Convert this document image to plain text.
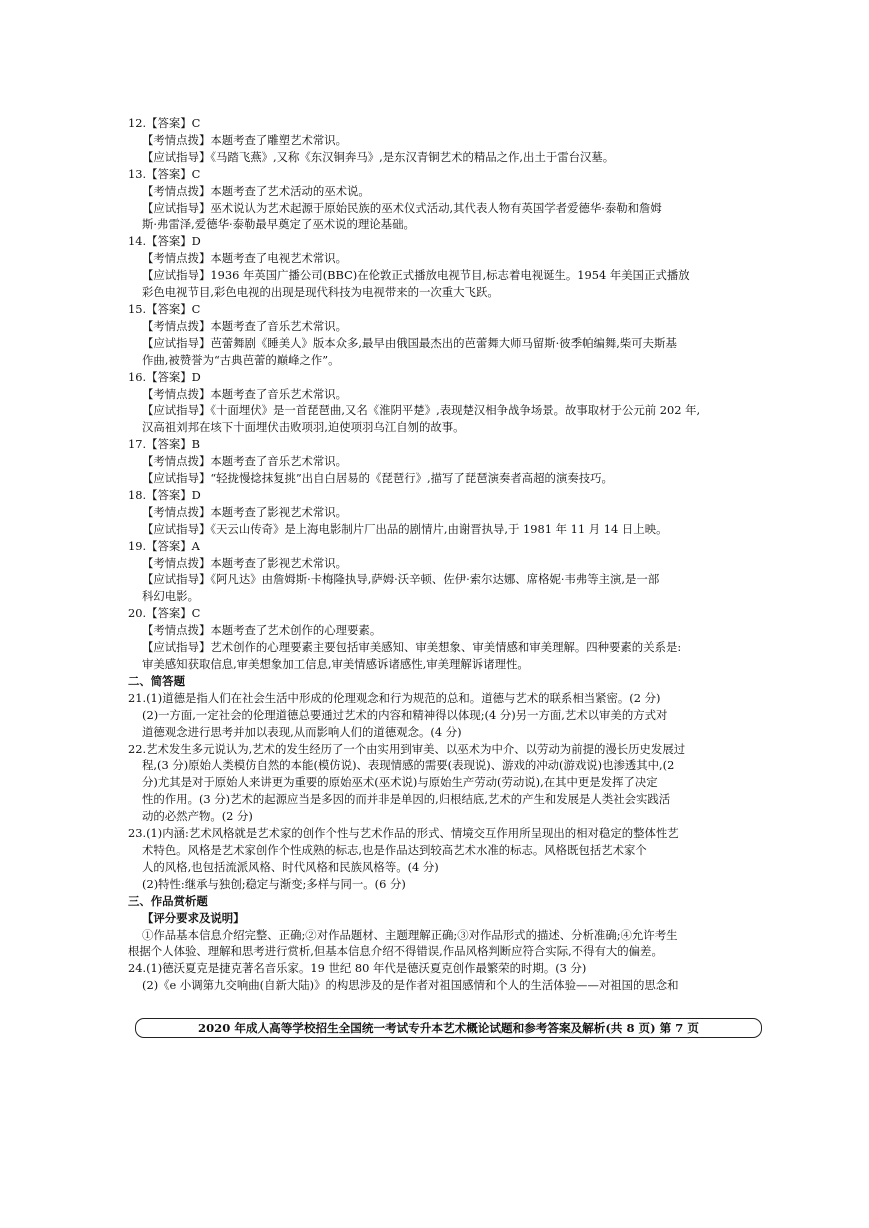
12.【答案】C
【考情点拨】本题考查了雕塑艺术常识。
【应试指导】《马踏飞燕》,又称《东汉铜奔马》,是东汉青铜艺术的精品之作,出土于雷台汉墓。
13.【答案】C
【考情点拨】本题考查了艺术活动的巫术说。
【应试指导】巫术说认为艺术起源于原始民族的巫术仪式活动,其代表人物有英国学者爱德华·泰勒和詹姆
斯·弗雷泽,爱德华·泰勒最早奠定了巫术说的理论基础。
14.【答案】D
【考情点拨】本题考查了电视艺术常识。
【应试指导】1936 年英国广播公司(BBC)在伦敦正式播放电视节目,标志着电视诞生。1954 年美国正式播放
彩色电视节目,彩色电视的出现是现代科技为电视带来的一次重大飞跃。
15.【答案】C
【考情点拨】本题考查了音乐艺术常识。
【应试指导】芭蕾舞剧《睡美人》版本众多,最早由俄国最杰出的芭蕾舞大师马留斯·彼季帕编舞,柴可夫斯基
作曲,被赞誉为“古典芭蕾的巅峰之作”。
16.【答案】D
【考情点拨】本题考查了音乐艺术常识。
【应试指导】《十面埋伏》是一首琵琶曲,又名《淮阴平楚》,表现楚汉相争战争场景。故事取材于公元前 202 年,
汉高祖刘邦在垓下十面埋伏击败项羽,迫使项羽乌江自刎的故事。
17.【答案】B
【考情点拨】本题考查了音乐艺术常识。
【应试指导】“轻拢慢捻抹复挑”出自白居易的《琵琶行》,描写了琵琶演奏者高超的演奏技巧。
18.【答案】D
【考情点拨】本题考查了影视艺术常识。
【应试指导】《天云山传奇》是上海电影制片厂出品的剧情片,由谢晋执导,于 1981 年 11 月 14 日上映。
19.【答案】A
【考情点拨】本题考查了影视艺术常识。
【应试指导】《阿凡达》由詹姆斯·卡梅隆执导,萨姆·沃辛顿、佐伊·索尔达娜、席格妮·韦弗等主演,是一部
科幻电影。
20.【答案】C
【考情点拨】本题考查了艺术创作的心理要素。
【应试指导】艺术创作的心理要素主要包括审美感知、审美想象、审美情感和审美理解。四种要素的关系是:
审美感知获取信息,审美想象加工信息,审美情感诉诸感性,审美理解诉诸理性。
二、简答题
21.(1)道德是指人们在社会生活中形成的伦理观念和行为规范的总和。道德与艺术的联系相当紧密。(2 分)
(2)一方面,一定社会的伦理道德总要通过艺术的内容和精神得以体现;(4 分)另一方面,艺术以审美的方式对
道德观念进行思考并加以表现,从而影响人们的道德观念。(4 分)
22.艺术发生多元说认为,艺术的发生经历了一个由实用到审美、以巫术为中介、以劳动为前提的漫长历史发展过
程,(3 分)原始人类模仿自然的本能(模仿说)、表现情感的需要(表现说)、游戏的冲动(游戏说)也渗透其中,(2
分)尤其是对于原始人来讲更为重要的原始巫术(巫术说)与原始生产劳动(劳动说),在其中更是发挥了决定
性的作用。(3 分)艺术的起源应当是多因的而并非是单因的,归根结底,艺术的产生和发展是人类社会实践活
动的必然产物。(2 分)
23.(1)内涵:艺术风格就是艺术家的创作个性与艺术作品的形式、情境交互作用所呈现出的相对稳定的整体性艺
术特色。风格是艺术家创作个性成熟的标志,也是作品达到较高艺术水准的标志。风格既包括艺术家个
人的风格,也包括流派风格、时代风格和民族风格等。(4 分)
(2)特性:继承与独创;稳定与渐变;多样与同一。(6 分)
三、作品赏析题
【评分要求及说明】
①作品基本信息介绍完整、正确;②对作品题材、主题理解正确;③对作品形式的描述、分析准确;④允许考生
根据个人体验、理解和思考进行赏析,但基本信息介绍不得错误,作品风格判断应符合实际,不得有大的偏差。
24.(1)德沃夏克是捷克著名音乐家。19 世纪 80 年代是德沃夏克创作最繁荣的时期。(3 分)
(2)《e 小调第九交响曲(自新大陆)》的构思涉及的是作者对祖国感情和个人的生活体验——对祖国的思念和
2020 年成人高等学校招生全国统一考试专升本艺术概论试题和参考答案及解析(共 8 页) 第 7 页
